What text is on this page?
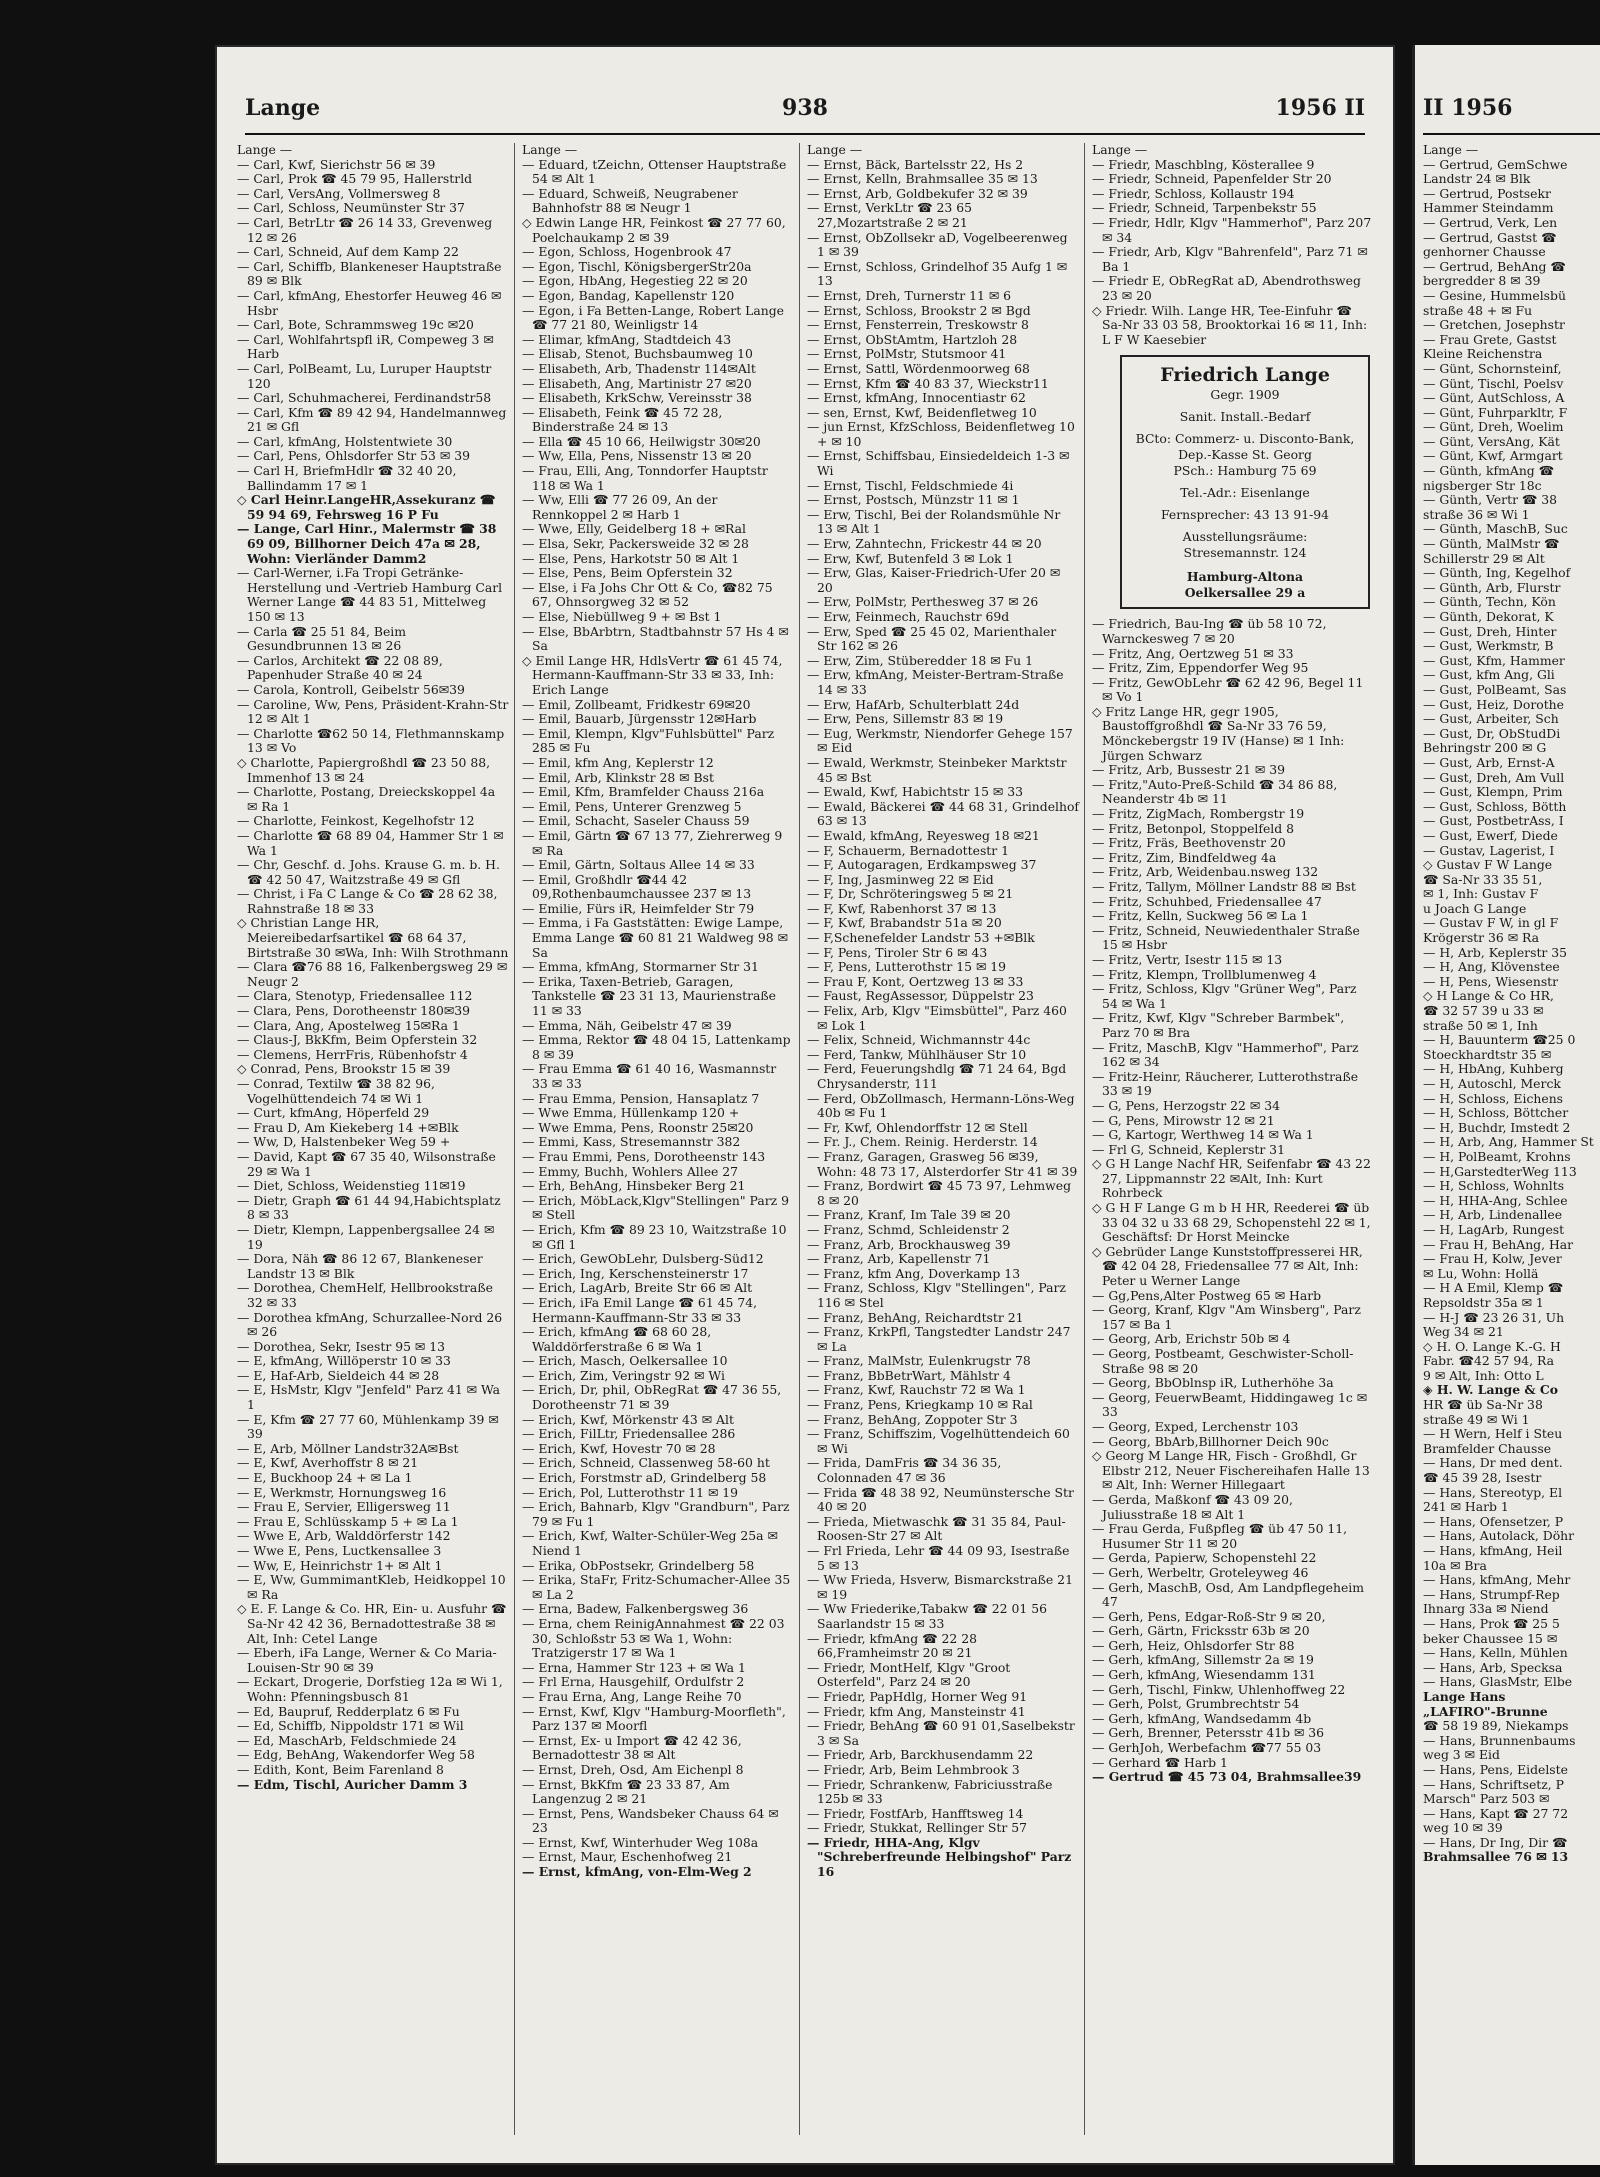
Lange	938	1956 II

Lange —

— Carl, Kwf, Sierichstr 56 ✉ 39

— Carl, Prok ☎ 45 79 95, Hallerstrld

— Carl, VersAng, Vollmersweg 8

— Carl, Schloss, Neumünster Str 37

— Carl, BetrLtr ☎ 26 14 33, Grevenweg 12 ✉ 26

— Carl, Schneid, Auf dem Kamp 22

— Carl, Schiffb, Blankeneser Hauptstraße 89 ✉ Blk

— Carl, kfmAng, Ehestorfer Heuweg 46 ✉ Hsbr

— Carl, Bote, Schrammsweg 19c ✉20

— Carl, Wohlfahrtspfl iR, Compeweg 3 ✉ Harb

— Carl, PolBeamt, Lu, Luruper Hauptstr 120

— Carl, Schuhmacherei, Ferdinandstr58

— Carl, Kfm ☎ 89 42 94, Handelmannweg 21 ✉ Gfl

— Carl, kfmAng, Holstentwiete 30

— Carl, Pens, Ohlsdorfer Str 53 ✉ 39

— Carl H, BriefmHdlr ☎ 32 40 20, Ballindamm 17 ✉ 1

◇ Carl Heinr.LangeHR,Assekuranz ☎ 59 94 69, Fehrsweg 16 P Fu

— Lange, Carl Hinr., Malermstr ☎ 38 69 09, Billhorner Deich 47a ✉ 28, Wohn: Vierländer Damm2

— Carl-Werner, i.Fa Tropi Getränke-Herstellung und -Vertrieb Hamburg Carl Werner Lange ☎ 44 83 51, Mittelweg 150 ✉ 13

— Carla ☎ 25 51 84, Beim Gesundbrunnen 13 ✉ 26

— Carlos, Architekt ☎ 22 08 89, Papenhuder Straße 40 ✉ 24

— Carola, Kontroll, Geibelstr 56✉39

— Caroline, Ww, Pens, Präsident-Krahn-Str 12 ✉ Alt 1

— Charlotte ☎62 50 14, Flethmannskamp 13 ✉ Vo

◇ Charlotte, Papiergroßhdl ☎ 23 50 88, Immenhof 13 ✉ 24

— Charlotte, Postang, Dreieckskoppel 4a ✉ Ra 1

— Charlotte, Feinkost, Kegelhofstr 12

— Charlotte ☎ 68 89 04, Hammer Str 1 ✉ Wa 1

— Chr, Geschf. d. Johs. Krause G. m. b. H. ☎ 42 50 47, Waitzstraße 49 ✉ Gfl

— Christ, i Fa C Lange & Co ☎ 28 62 38, Rahnstraße 18 ✉ 33

◇ Christian Lange HR, Meiereibedarfsartikel ☎ 68 64 37, Birtstraße 30 ✉Wa, Inh: Wilh Strothmann

— Clara ☎76 88 16, Falkenbergsweg 29 ✉ Neugr 2

— Clara, Stenotyp, Friedensallee 112

— Clara, Pens, Dorotheenstr 180✉39

— Clara, Ang, Apostelweg 15✉Ra 1

— Claus-J, BkKfm, Beim Opferstein 32

— Clemens, HerrFris, Rübenhofstr 4

◇ Conrad, Pens, Brookstr 15 ✉ 39

— Conrad, Textilw ☎ 38 82 96, Vogelhüttendeich 74 ✉ Wi 1

— Curt, kfmAng, Höperfeld 29

— Frau D, Am Kiekeberg 14 +✉Blk

— Ww, D, Halstenbeker Weg 59 +

— David, Kapt ☎ 67 35 40, Wilsonstraße 29 ✉ Wa 1

— Diet, Schloss, Weidenstieg 11✉19

— Dietr, Graph ☎ 61 44 94,Habichtsplatz 8 ✉ 33

— Dietr, Klempn, Lappenbergsallee 24 ✉ 19

— Dora, Näh ☎ 86 12 67, Blankeneser Landstr 13 ✉ Blk

— Dorothea, ChemHelf, Hellbrookstraße 32 ✉ 33

— Dorothea kfmAng, Schurzallee-Nord 26 ✉ 26

— Dorothea, Sekr, Isestr 95 ✉ 13

— E, kfmAng, Willöperstr 10 ✉ 33

— E, Haf-Arb, Sieldeich 44 ✉ 28

— E, HsMstr, Klgv "Jenfeld" Parz 41 ✉ Wa 1

— E, Kfm ☎ 27 77 60, Mühlenkamp 39 ✉ 39

— E, Arb, Möllner Landstr32A✉Bst

— E, Kwf, Averhoffstr 8 ✉ 21

— E, Buckhoop 24 + ✉ La 1

— E, Werkmstr, Hornungsweg 16

— Frau E, Servier, Elligersweg 11

— Frau E, Schlüsskamp 5 + ✉ La 1

— Wwe E, Arb, Walddörferstr 142

— Wwe E, Pens, Luctkensallee 3

— Ww, E, Heinrichstr 1+ ✉ Alt 1

— E, Ww, GummimantKleb, Heidkoppel 10 ✉ Ra

◇ E. F. Lange & Co. HR, Ein- u. Ausfuhr ☎ Sa-Nr 42 42 36, Bernadottestraße 38 ✉ Alt, Inh: Cetel Lange

— Eberh, iFa Lange, Werner & Co Maria-Louisen-Str 90 ✉ 39

— Eckart, Drogerie, Dorfstieg 12a ✉ Wi 1, Wohn: Pfenningsbusch 81

— Ed, Baupruf, Redderplatz 6 ✉ Fu

— Ed, Schiffb, Nippoldstr 171 ✉ Wil

— Ed, MaschArb, Feldschmiede 24

— Edg, BehAng, Wakendorfer Weg 58

— Edith, Kont, Beim Farenland 8

— Edm, Tischl, Auricher Damm 3

Lange —

— Eduard, tZeichn, Ottenser Hauptstraße 54 ✉ Alt 1

— Eduard, Schweiß, Neugrabener Bahnhofstr 88 ✉ Neugr 1

◇ Edwin Lange HR, Feinkost ☎ 27 77 60, Poelchaukamp 2 ✉ 39

— Egon, Schloss, Hogenbrook 47

— Egon, Tischl, KönigsbergerStr20a

— Egon, HbAng, Hegestieg 22 ✉ 20

— Egon, Bandag, Kapellenstr 120

— Egon, i Fa Betten-Lange, Robert Lange ☎ 77 21 80, Weinligstr 14

— Elimar, kfmAng, Stadtdeich 43

— Elisab, Stenot, Buchsbaumweg 10

— Elisabeth, Arb, Thadenstr 114✉Alt

— Elisabeth, Ang, Martinistr 27 ✉20

— Elisabeth, KrkSchw, Vereinsstr 38

— Elisabeth, Feink ☎ 45 72 28, Binderstraße 24 ✉ 13

— Ella ☎ 45 10 66, Heilwigstr 30✉20

— Ww, Ella, Pens, Nissenstr 13 ✉ 20

— Frau, Elli, Ang, Tonndorfer Hauptstr 118 ✉ Wa 1

— Ww, Elli ☎ 77 26 09, An der Rennkoppel 2 ✉ Harb 1

— Wwe, Elly, Geidelberg 18 + ✉Ral

— Elsa, Sekr, Packersweide 32 ✉ 28

— Else, Pens, Harkotstr 50 ✉ Alt 1

— Else, Pens, Beim Opferstein 32

— Else, i Fa Johs Chr Ott & Co, ☎82 75 67, Ohnsorgweg 32 ✉ 52

— Else, Niebüllweg 9 + ✉ Bst 1

— Else, BbArbtrn, Stadtbahnstr 57 Hs 4 ✉ Sa

◇ Emil Lange HR, HdlsVertr ☎ 61 45 74, Hermann-Kauffmann-Str 33 ✉ 33, Inh: Erich Lange

— Emil, Zollbeamt, Fridkestr 69✉20

— Emil, Bauarb, Jürgensstr 12✉Harb

— Emil, Klempn, Klgv"Fuhlsbüttel" Parz 285 ✉ Fu

— Emil, kfm Ang, Keplerstr 12

— Emil, Arb, Klinkstr 28 ✉ Bst

— Emil, Kfm, Bramfelder Chauss 216a

— Emil, Pens, Unterer Grenzweg 5

— Emil, Schacht, Saseler Chauss 59

— Emil, Gärtn ☎ 67 13 77, Ziehrerweg 9 ✉ Ra

— Emil, Gärtn, Soltaus Allee 14 ✉ 33

— Emil, Großhdlr ☎44 42 09,Rothenbaumchaussee 237 ✉ 13

— Emilie, Fürs iR, Heimfelder Str 79

— Emma, i Fa Gaststätten: Ewige Lampe, Emma Lange ☎ 60 81 21 Waldweg 98 ✉ Sa

— Emma, kfmAng, Stormarner Str 31

— Erika, Taxen-Betrieb, Garagen, Tankstelle ☎ 23 31 13, Maurienstraße 11 ✉ 33

— Emma, Näh, Geibelstr 47 ✉ 39

— Emma, Rektor ☎ 48 04 15, Lattenkamp 8 ✉ 39

— Frau Emma ☎ 61 40 16, Wasmannstr 33 ✉ 33

— Frau Emma, Pension, Hansaplatz 7

— Wwe Emma, Hüllenkamp 120 +

— Wwe Emma, Pens, Roonstr 25✉20

— Emmi, Kass, Stresemannstr 382

— Frau Emmi, Pens, Dorotheenstr 143

— Emmy, Buchh, Wohlers Allee 27

— Erh, BehAng, Hinsbeker Berg 21

— Erich, MöbLack,Klgv"Stellingen" Parz 9 ✉ Stell

— Erich, Kfm ☎ 89 23 10, Waitzstraße 10 ✉ Gfl 1

— Erich, GewObLehr, Dulsberg-Süd12

— Erich, Ing, Kerschensteinerstr 17

— Erich, LagArb, Breite Str 66 ✉ Alt

— Erich, iFa Emil Lange ☎ 61 45 74, Hermann-Kauffmann-Str 33 ✉ 33

— Erich, kfmAng ☎ 68 60 28, Walddörferstraße 6 ✉ Wa 1

— Erich, Masch, Oelkersallee 10

— Erich, Zim, Veringstr 92 ✉ Wi

— Erich, Dr, phil, ObRegRat ☎ 47 36 55, Dorotheenstr 71 ✉ 39

— Erich, Kwf, Mörkenstr 43 ✉ Alt

— Erich, FilLtr, Friedensallee 286

— Erich, Kwf, Hovestr 70 ✉ 28

— Erich, Schneid, Classenweg 58-60 ht

— Erich, Forstmstr aD, Grindelberg 58

— Erich, Pol, Lutterothstr 11 ✉ 19

— Erich, Bahnarb, Klgv "Grandburn", Parz 79 ✉ Fu 1

— Erich, Kwf, Walter-Schüler-Weg 25a ✉ Niend 1

— Erika, ObPostsekr, Grindelberg 58

— Erika, StaFr, Fritz-Schumacher-Allee 35 ✉ La 2

— Erna, Badew, Falkenbergsweg 36

— Erna, chem ReinigAnnahmest ☎ 22 03 30, Schloßstr 53 ✉ Wa 1, Wohn: Tratzigerstr 17 ✉ Wa 1

— Erna, Hammer Str 123 + ✉ Wa 1

— Frl Erna, Hausgehilf, Ordulfstr 2

— Frau Erna, Ang, Lange Reihe 70

— Ernst, Kwf, Klgv "Hamburg-Moorfleth", Parz 137 ✉ Moorfl

— Ernst, Ex- u Import ☎ 42 42 36, Bernadottestr 38 ✉ Alt

— Ernst, Dreh, Osd, Am Eichenpl 8

— Ernst, BkKfm ☎ 23 33 87, Am Langenzug 2 ✉ 21

— Ernst, Pens, Wandsbeker Chauss 64 ✉ 23

— Ernst, Kwf, Winterhuder Weg 108a

— Ernst, Maur, Eschenhofweg 21

— Ernst, kfmAng, von-Elm-Weg 2

Lange —

— Ernst, Bäck, Bartelsstr 22, Hs 2

— Ernst, Kelln, Brahmsallee 35 ✉ 13

— Ernst, Arb, Goldbekufer 32 ✉ 39

— Ernst, VerkLtr ☎ 23 65 27,Mozartstraße 2 ✉ 21

— Ernst, ObZollsekr aD, Vogelbeerenweg 1 ✉ 39

— Ernst, Schloss, Grindelhof 35 Aufg 1 ✉ 13

— Ernst, Dreh, Turnerstr 11 ✉ 6

— Ernst, Schloss, Brookstr 2 ✉ Bgd

— Ernst, Fensterrein, Treskowstr 8

— Ernst, ObStAmtm, Hartzloh 28

— Ernst, PolMstr, Stutsmoor 41

— Ernst, Sattl, Wördenmoorweg 68

— Ernst, Kfm ☎ 40 83 37, Wieckstr11

— Ernst, kfmAng, Innocentiastr 62

— sen, Ernst, Kwf, Beidenfletweg 10

— jun Ernst, KfzSchloss, Beidenfletweg 10 + ✉ 10

— Ernst, Schiffsbau, Einsiedeldeich 1-3 ✉ Wi

— Ernst, Tischl, Feldschmiede 4i

— Ernst, Postsch, Münzstr 11 ✉ 1

— Erw, Tischl, Bei der Rolandsmühle Nr 13 ✉ Alt 1

— Erw, Zahntechn, Frickestr 44 ✉ 20

— Erw, Kwf, Butenfeld 3 ✉ Lok 1

— Erw, Glas, Kaiser-Friedrich-Ufer 20 ✉ 20

— Erw, PolMstr, Perthesweg 37 ✉ 26

— Erw, Feinmech, Rauchstr 69d

— Erw, Sped ☎ 25 45 02, Marienthaler Str 162 ✉ 26

— Erw, Zim, Stüberedder 18 ✉ Fu 1

— Erw, kfmAng, Meister-Bertram-Straße 14 ✉ 33

— Erw, HafArb, Schulterblatt 24d

— Erw, Pens, Sillemstr 83 ✉ 19

— Eug, Werkmstr, Niendorfer Gehege 157 ✉ Eid

— Ewald, Werkmstr, Steinbeker Marktstr 45 ✉ Bst

— Ewald, Kwf, Habichtstr 15 ✉ 33

— Ewald, Bäckerei ☎ 44 68 31, Grindelhof 63 ✉ 13

— Ewald, kfmAng, Reyesweg 18 ✉21

— F, Schauerm, Bernadottestr 1

— F, Autogaragen, Erdkampsweg 37

— F, Ing, Jasminweg 22 ✉ Eid

— F, Dr, Schröteringsweg 5 ✉ 21

— F, Kwf, Rabenhorst 37 ✉ 13

— F, Kwf, Brabandstr 51a ✉ 20

— F,Schenefelder Landstr 53 +✉Blk

— F, Pens, Tiroler Str 6 ✉ 43

— F, Pens, Lutterothstr 15 ✉ 19

— Frau F, Kont, Oertzweg 13 ✉ 33

— Faust, RegAssessor, Düppelstr 23

— Felix, Arb, Klgv "Eimsbüttel", Parz 460 ✉ Lok 1

— Felix, Schneid, Wichmannstr 44c

— Ferd, Tankw, Mühlhäuser Str 10

— Ferd, Feuerungshdlg ☎ 71 24 64, Bgd Chrysanderstr, 111

— Ferd, ObZollmasch, Hermann-Löns-Weg 40b ✉ Fu 1

— Fr, Kwf, Ohlendorffstr 12 ✉ Stell

— Fr. J., Chem. Reinig. Herderstr. 14

— Franz, Garagen, Grasweg 56 ✉39, Wohn: 48 73 17, Alsterdorfer Str 41 ✉ 39

— Franz, Bordwirt ☎ 45 73 97, Lehmweg 8 ✉ 20

— Franz, Kranf, Im Tale 39 ✉ 20

— Franz, Schmd, Schleidenstr 2

— Franz, Arb, Brockhausweg 39

— Franz, Arb, Kapellenstr 71

— Franz, kfm Ang, Doverkamp 13

— Franz, Schloss, Klgv "Stellingen", Parz 116 ✉ Stel

— Franz, BehAng, Reichardtstr 21

— Franz, KrkPfl, Tangstedter Landstr 247 ✉ La

— Franz, MalMstr, Eulenkrugstr 78

— Franz, BbBetrWart, Mählstr 4

— Franz, Kwf, Rauchstr 72 ✉ Wa 1

— Franz, Pens, Kriegkamp 10 ✉ Ral

— Franz, BehAng, Zoppoter Str 3

— Franz, Schiffszim, Vogelhüttendeich 60 ✉ Wi

— Frida, DamFris ☎ 34 36 35, Colonnaden 47 ✉ 36

— Frida ☎ 48 38 92, Neumünstersche Str 40 ✉ 20

— Frieda, Mietwaschk ☎ 31 35 84, Paul-Roosen-Str 27 ✉ Alt

— Frl Frieda, Lehr ☎ 44 09 93, Isestraße 5 ✉ 13

— Ww Frieda, Hsverw, Bismarckstraße 21 ✉ 19

— Ww Friederike,Tabakw ☎ 22 01 56 Saarlandstr 15 ✉ 33

— Friedr, kfmAng ☎ 22 28 66,Framheimstr 20 ✉ 21

— Friedr, MontHelf, Klgv "Groot Osterfeld", Parz 24 ✉ 20

— Friedr, PapHdlg, Horner Weg 91

— Friedr, kfm Ang, Mansteinstr 41

— Friedr, BehAng ☎ 60 91 01,Saselbekstr 3 ✉ Sa

— Friedr, Arb, Barckhusendamm 22

— Friedr, Arb, Beim Lehmbrook 3

— Friedr, Schrankenw, Fabriciusstraße 125b ✉ 33

— Friedr, FostfArb, Hanfftsweg 14

— Friedr, Stukkat, Rellinger Str 57

— Friedr, HHA-Ang, Klgv "Schreberfreunde Helbingshof" Parz 16

Lange —

— Friedr, Maschblng, Kösterallee 9

— Friedr, Schneid, Papenfelder Str 20

— Friedr, Schloss, Kollaustr 194

— Friedr, Schneid, Tarpenbekstr 55

— Friedr, Hdlr, Klgv "Hammerhof", Parz 207 ✉ 34

— Friedr, Arb, Klgv "Bahrenfeld", Parz 71 ✉ Ba 1

— Friedr E, ObRegRat aD, Abendrothsweg 23 ✉ 20

◇ Friedr. Wilh. Lange HR, Tee-Einfuhr ☎ Sa-Nr 33 03 58, Brooktorkai 16 ✉ 11, Inh: L F W Kaesebier

Friedrich Lange
Gegr. 1909
Sanit. Install.-Bedarf
BCto: Commerz- u. Disconto-Bank, Dep.-Kasse St. Georg
PSch.: Hamburg 75 69
Tel.-Adr.: Eisenlange
Fernsprecher: 43 13 91-94
Ausstellungsräume:
Stresemannstr. 124
Hamburg-Altona
Oelkersallee 29 a

— Friedrich, Bau-Ing ☎ üb 58 10 72, Warnckesweg 7 ✉ 20

— Fritz, Ang, Oertzweg 51 ✉ 33

— Fritz, Zim, Eppendorfer Weg 95

— Fritz, GewObLehr ☎ 62 42 96, Begel 11 ✉ Vo 1

◇ Fritz Lange HR, gegr 1905, Baustoffgroßhdl ☎ Sa-Nr 33 76 59, Mönckebergstr 19 IV (Hanse) ✉ 1 Inh: Jürgen Schwarz

— Fritz, Arb, Bussestr 21 ✉ 39

— Fritz,"Auto-Preß-Schild ☎ 34 86 88, Neanderstr 4b ✉ 11

— Fritz, ZigMach, Rombergstr 19

— Fritz, Betonpol, Stoppelfeld 8

— Fritz, Fräs, Beethovenstr 20

— Fritz, Zim, Bindfeldweg 4a

— Fritz, Arb, Weidenbau.nsweg 132

— Fritz, Tallym, Möllner Landstr 88 ✉ Bst

— Fritz, Schuhbed, Friedensallee 47

— Fritz, Kelln, Suckweg 56 ✉ La 1

— Fritz, Schneid, Neuwiedenthaler Straße 15 ✉ Hsbr

— Fritz, Vertr, Isestr 115 ✉ 13

— Fritz, Klempn, Trollblumenweg 4

— Fritz, Schloss, Klgv "Grüner Weg", Parz 54 ✉ Wa 1

— Fritz, Kwf, Klgv "Schreber Barmbek", Parz 70 ✉ Bra

— Fritz, MaschB, Klgv "Hammerhof", Parz 162 ✉ 34

— Fritz-Heinr, Räucherer, Lutterothstraße 33 ✉ 19

— G, Pens, Herzogstr 22 ✉ 34

— G, Pens, Mirowstr 12 ✉ 21

— G, Kartogr, Werthweg 14 ✉ Wa 1

— Frl G, Schneid, Keplerstr 31

◇ G H Lange Nachf HR, Seifenfabr ☎ 43 22 27, Lippmannstr 22 ✉Alt, Inh: Kurt Rohrbeck

◇ G H F Lange G m b H HR, Reederei ☎ üb 33 04 32 u 33 68 29, Schopenstehl 22 ✉ 1, Geschäftsf: Dr Horst Meincke

◇ Gebrüder Lange Kunststoffpresserei HR, ☎ 42 04 28, Friedensallee 77 ✉ Alt, Inh: Peter u Werner Lange

— Gg,Pens,Alter Postweg 65 ✉ Harb

— Georg, Kranf, Klgv "Am Winsberg", Parz 157 ✉ Ba 1

— Georg, Arb, Erichstr 50b ✉ 4

— Georg, Postbeamt, Geschwister-Scholl-Straße 98 ✉ 20

— Georg, BbOblnsp iR, Lutherhöhe 3a

— Georg, FeuerwBeamt, Hiddingaweg 1c ✉ 33

— Georg, Exped, Lerchenstr 103

— Georg, BbArb,Billhorner Deich 90c

◇ Georg M Lange HR, Fisch - Großhdl, Gr Elbstr 212, Neuer Fischereihafen Halle 13 ✉ Alt, Inh: Werner Hillegaart

— Gerda, Maßkonf ☎ 43 09 20, Juliusstraße 18 ✉ Alt 1

— Frau Gerda, Fußpfleg ☎ üb 47 50 11, Husumer Str 11 ✉ 20

— Gerda, Papierw, Schopenstehl 22

— Gerh, Werbeltr, Groteleyweg 46

— Gerh, MaschB, Osd, Am Landpflegeheim 47

— Gerh, Pens, Edgar-Roß-Str 9 ✉ 20,

— Gerh, Gärtn, Fricksstr 63b ✉ 20

— Gerh, Heiz, Ohlsdorfer Str 88

— Gerh, kfmAng, Sillemstr 2a ✉ 19

— Gerh, kfmAng, Wiesendamm 131

— Gerh, Tischl, Finkw, Uhlenhoffweg 22

— Gerh, Polst, Grumbrechtstr 54

— Gerh, kfmAng, Wandsedamm 4b

— Gerh, Brenner, Petersstr 41b ✉ 36

— GerhJoh, Werbefachm ☎77 55 03

— Gerhard ☎ Harb 1

— Gertrud ☎ 45 73 04, Brahmsallee39

II 1956

Lange —

— Gertrud, GemSchwe

Landstr 24 ✉ Blk

— Gertrud, Postsekr

Hammer Steindamm

— Gertrud, Verk, Len

— Gertrud, Gastst ☎

genhorner Chausse

— Gertrud, BehAng ☎

bergredder 8 ✉ 39

— Gesine, Hummelsbü

straße 48 + ✉ Fu

— Gretchen, Josephstr

— Frau Grete, Gastst

Kleine Reichenstra

— Günt, Schornsteinf,

— Günt, Tischl, Poelsv

— Günt, AutSchloss, A

— Günt, Fuhrparkltr, F

— Günt, Dreh, Woelim

— Günt, VersAng, Kät

— Günt, Kwf, Armgart

— Günth, kfmAng ☎

nigsberger Str 18c

— Günth, Vertr ☎ 38

straße 36 ✉ Wi 1

— Günth, MaschB, Suc

— Günth, MalMstr ☎

Schillerstr 29 ✉ Alt

— Günth, Ing, Kegelhof

— Günth, Arb, Flurstr

— Günth, Techn, Kön

— Günth, Dekorat, K

— Gust, Dreh, Hinter

— Gust, Werkmstr, B

— Gust, Kfm, Hammer

— Gust, kfm Ang, Gli

— Gust, PolBeamt, Sas

— Gust, Heiz, Dorothe

— Gust, Arbeiter, Sch

— Gust, Dr, ObStudDi

Behringstr 200 ✉ G

— Gust, Arb, Ernst-A

— Gust, Dreh, Am Vull

— Gust, Klempn, Prim

— Gust, Schloss, Bötth

— Gust, PostbetrAss, I

— Gust, Ewerf, Diede

— Gustav, Lagerist, I

◇ Gustav F W Lange

☎ Sa-Nr 33 35 51,

✉ 1, Inh: Gustav F

u Joach G Lange

— Gustav F W, in gl F

Krögerstr 36 ✉ Ra

— H, Arb, Keplerstr 35

— H, Ang, Klövenstee

— H, Pens, Wiesenstr

◇ H Lange & Co HR,

☎ 32 57 39 u 33 ✉

straße 50 ✉ 1, Inh

— H, Bauunterm ☎25 0

Stoeckhardtstr 35 ✉

— H, HbAng, Kuhberg

— H, Autoschl, Merck

— H, Schloss, Eichens

— H, Schloss, Böttcher

— H, Buchdr, Imstedt 2

— H, Arb, Ang, Hammer St

— H, PolBeamt, Krohns

— H,GarstedterWeg 113

— H, Schloss, Wohnlts

— H, HHA-Ang, Schlee

— H, Arb, Lindenallee

— H, LagArb, Rungest

— Frau H, BehAng, Har

— Frau H, Kolw, Jever

✉ Lu, Wohn: Hollä

— H A Emil, Klemp ☎

Repsoldstr 35a ✉ 1

— H-J ☎ 23 26 31, Uh

Weg 34 ✉ 21

◇ H. O. Lange K.-G. H

Fabr. ☎42 57 94, Ra

9 ✉ Alt, Inh: Otto L

◈ H. W. Lange & Co

HR ☎ üb Sa-Nr 38

straße 49 ✉ Wi 1

— H Wern, Helf i Steu

Bramfelder Chausse

— Hans, Dr med dent.

☎ 45 39 28, Isestr

— Hans, Stereotyp, El

241 ✉ Harb 1

— Hans, Ofensetzer, P

— Hans, Autolack, Döhr

— Hans, kfmAng, Heil

10a ✉ Bra

— Hans, kfmAng, Mehr

— Hans, Strumpf-Rep

Ihnarg 33a ✉ Niend

— Hans, Prok ☎ 25 5

beker Chaussee 15 ✉

— Hans, Kelln, Mühlen

— Hans, Arb, Specksa

— Hans, GlasMstr, Elbe

Lange Hans

„LAFIRO"-Brunne

☎ 58 19 89, Niekamps

— Hans, Brunnenbaums

weg 3 ✉ Eid

— Hans, Pens, Eidelste

— Hans, Schriftsetz, P

Marsch" Parz 503 ✉

— Hans, Kapt ☎ 27 72

weg 10 ✉ 39

— Hans, Dr Ing, Dir ☎

Brahmsallee 76 ✉ 13
